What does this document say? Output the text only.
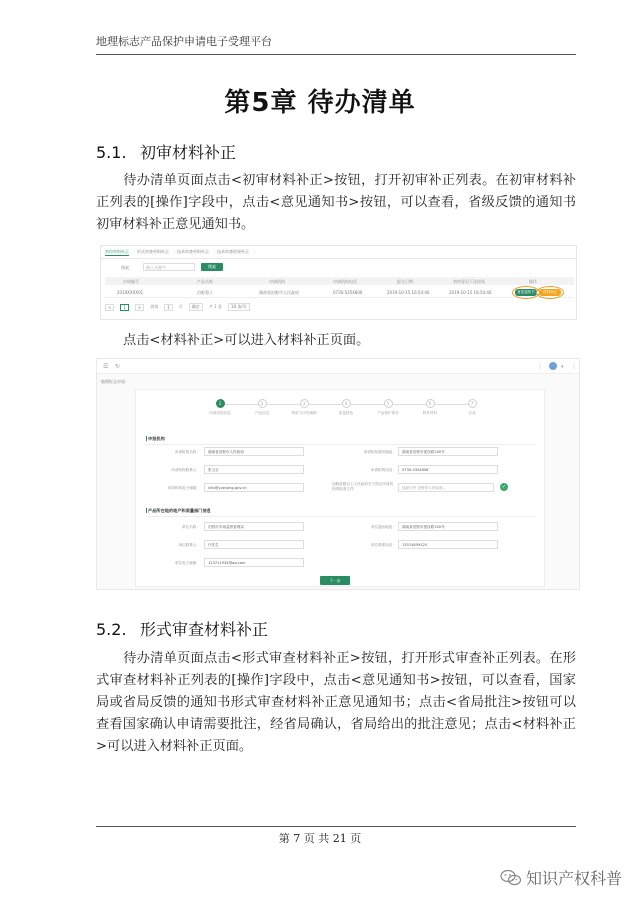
地理标志产品保护申请电子受理平台
第5章 待办清单
5.1. 初审材料补正
待办清单页面点击<初审材料补正>按钮，打开初审补正列表。在初审材料补正列表的[操作]字段中，点击<意见通知书>按钮，可以查看，省级反馈的通知书初审材料补正意见通知书。
初审材料补正 形式审查材料补正 技术审查材料补正 技术审查结果补正
搜索：	输入关键字	搜索
申请编号	产品名称	申请机构	申请机构电话	提交日期	初审意见下达时间	操作
2019XXXX01	泊野梨子	湖南省泊野市人民政府	0730-5354806	2019-10-15 16:54:46	2019-10-15 16:54:46	意见通知书	材料补正
<	1	>	到第	1	页	确定	共 1 条	10 条/页
点击<材料补正>可以进入材料补正页面。
☰ ↻	⋮	▾ ⋮
地理标志申请
1
申请机构信息
2
产品信息
3
特质与历史渊源
4
质量特色
5
产品保护要求
6
附件材料
7
完成
申报机构
申请机构名称：	湖南省泊野市人民政府	申请机构通讯地址：	湖南省泊野市建设路100号
申请机构联系人：	张文吉	申请机构电话：	0730-5354806
申请机构电子邮箱：	info@yueyang.gov.cn
加载县级以上人民政府关于指定申请机构的批准文件：	选择文件 泊野市人民政府...	✓
产品所在地的地产和质量部门信息
单位名称：	泊野市市场监督管理局	单位通讯地址：	湖南省泊野市建设路100号
单位联系人：	许先生	单位联系电话：	13574859325
单位电子邮箱：	123711934@qq.com
下一步
5.2. 形式审查材料补正
待办清单页面点击<形式审查材料补正>按钮，打开形式审查补正列表。在形式审查材料补正列表的[操作]字段中，点击<意见通知书>按钮，可以查看，国家局或省局反馈的通知书形式审查材料补正意见通知书；点击<省局批注>按钮可以查看国家确认申请需要批注，经省局确认，省局给出的批注意见；点击<材料补正>可以进入材料补正页面。
第 7 页 共 21 页
知识产权科普
